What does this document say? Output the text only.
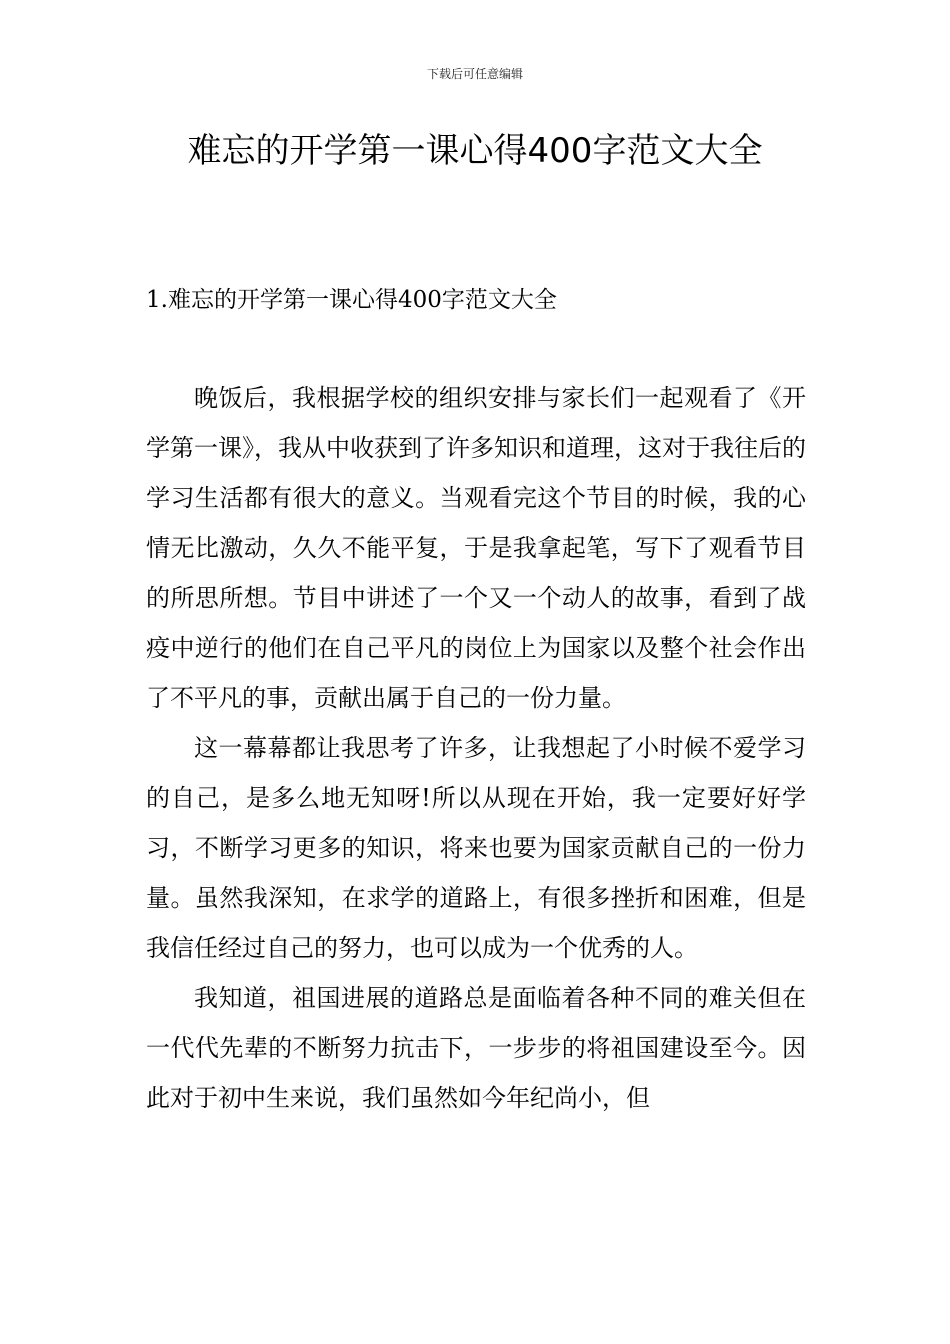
下载后可任意编辑
难忘的开学第一课心得400字范文大全
1.难忘的开学第一课心得400字范文大全

晚饭后，我根据学校的组织安排与家长们一起观看了《开学第一课》，我从中收获到了许多知识和道理，这对于我往后的学习生活都有很大的意义。当观看完这个节目的时候，我的心情无比激动，久久不能平复，于是我拿起笔，写下了观看节目的所思所想。节目中讲述了一个又一个动人的故事，看到了战疫中逆行的他们在自己平凡的岗位上为国家以及整个社会作出了不平凡的事，贡献出属于自己的一份力量。

这一幕幕都让我思考了许多，让我想起了小时候不爱学习的自己，是多么地无知呀!所以从现在开始，我一定要好好学习，不断学习更多的知识，将来也要为国家贡献自己的一份力量。虽然我深知，在求学的道路上，有很多挫折和困难，但是我信任经过自己的努力，也可以成为一个优秀的人。

我知道，祖国进展的道路总是面临着各种不同的难关但在一代代先辈的不断努力抗击下，一步步的将祖国建设至今。因此对于初中生来说，我们虽然如今年纪尚小，但
